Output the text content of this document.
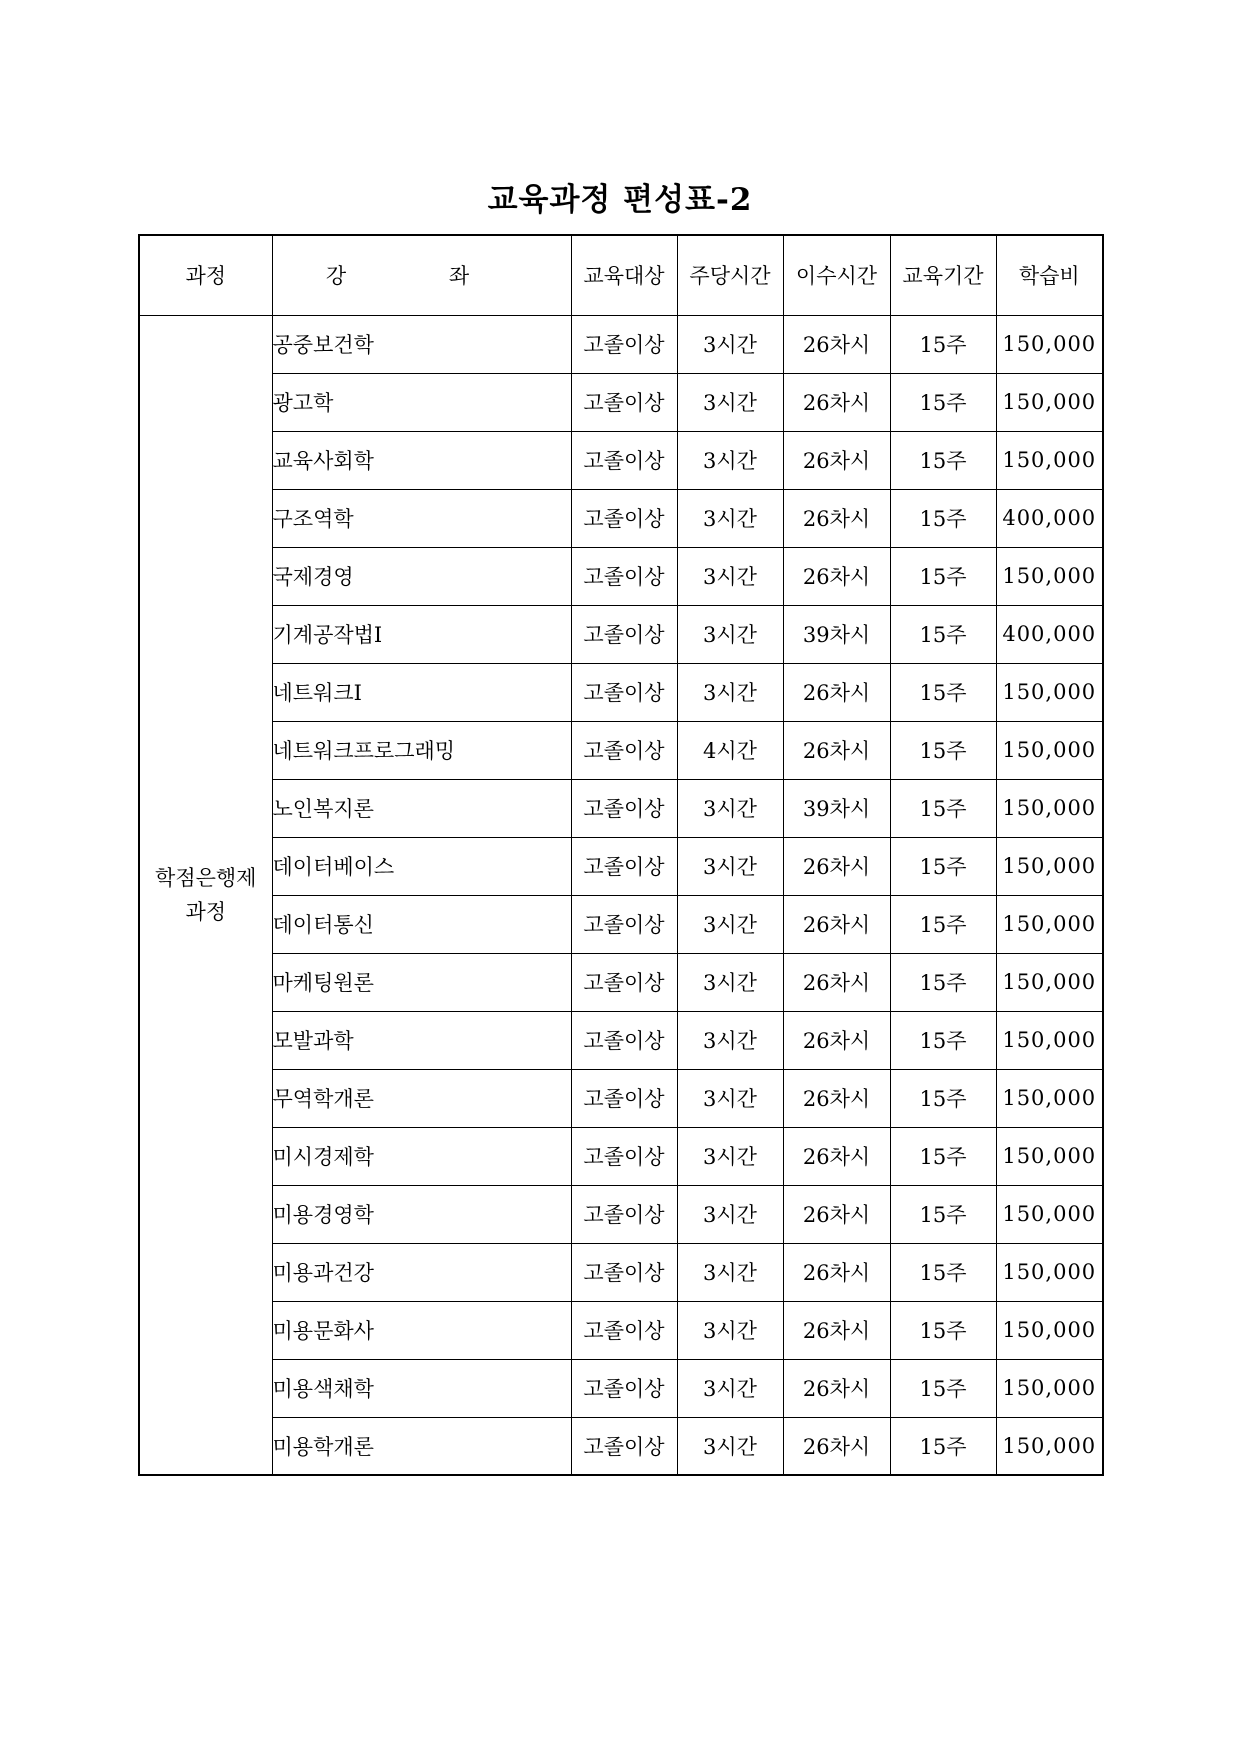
교육과정 편성표-2
과정	강 좌	교육대상	주당시간	이수시간	교육기간	학습비

학점은행제
과정	공중보건학	고졸이상	3시간	26차시	15주	150,000
	광고학	고졸이상	3시간	26차시	15주	150,000
	교육사회학	고졸이상	3시간	26차시	15주	150,000
	구조역학	고졸이상	3시간	26차시	15주	400,000
	국제경영	고졸이상	3시간	26차시	15주	150,000
	기계공작법Ⅰ	고졸이상	3시간	39차시	15주	400,000
	네트워크Ⅰ	고졸이상	3시간	26차시	15주	150,000
	네트워크프로그래밍	고졸이상	4시간	26차시	15주	150,000
	노인복지론	고졸이상	3시간	39차시	15주	150,000
	데이터베이스	고졸이상	3시간	26차시	15주	150,000
	데이터통신	고졸이상	3시간	26차시	15주	150,000
	마케팅원론	고졸이상	3시간	26차시	15주	150,000
	모발과학	고졸이상	3시간	26차시	15주	150,000
	무역학개론	고졸이상	3시간	26차시	15주	150,000
	미시경제학	고졸이상	3시간	26차시	15주	150,000
	미용경영학	고졸이상	3시간	26차시	15주	150,000
	미용과건강	고졸이상	3시간	26차시	15주	150,000
	미용문화사	고졸이상	3시간	26차시	15주	150,000
	미용색채학	고졸이상	3시간	26차시	15주	150,000
	미용학개론	고졸이상	3시간	26차시	15주	150,000
